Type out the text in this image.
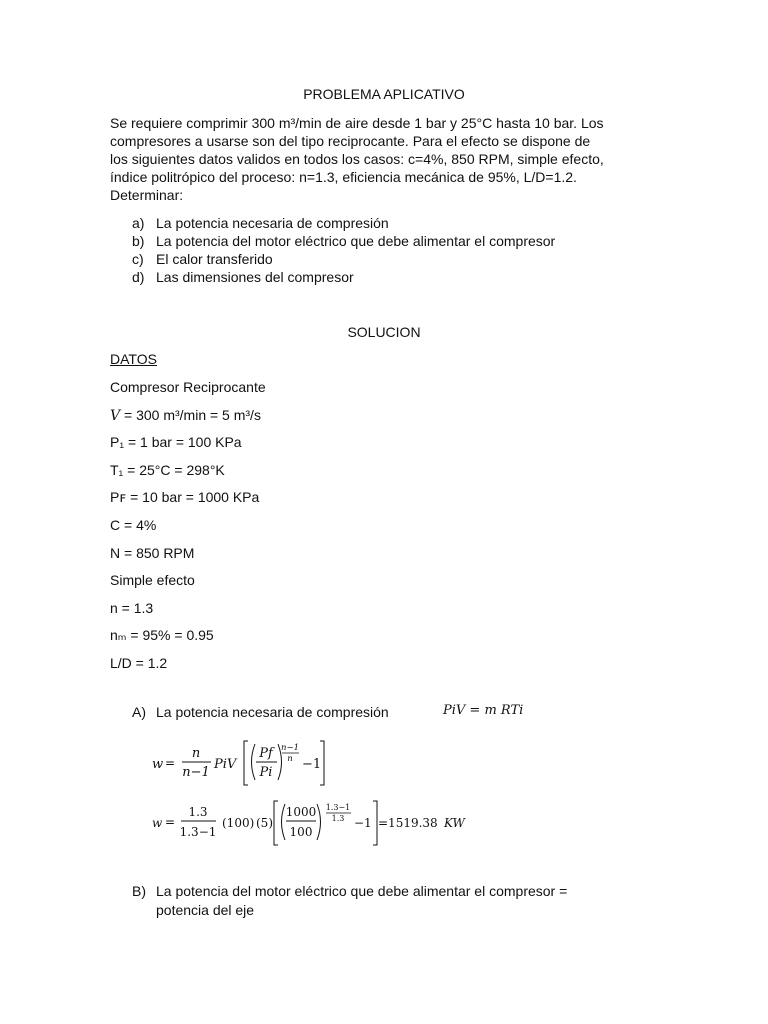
PROBLEMA APLICATIVO
Se requiere comprimir 300 m³/min de aire desde 1 bar y 25°C hasta 10 bar. Los
compresores a usarse son del tipo reciprocante. Para el efecto se dispone de
los siguientes datos validos en todos los casos: c=4%, 850 RPM, simple efecto,
índice politrópico del proceso: n=1.3, eficiencia mecánica de 95%, L/D=1.2.
Determinar:
a) La potencia necesaria de compresión
b) La potencia del motor eléctrico que debe alimentar el compresor
c) El calor transferido
d) Las dimensiones del compresor
SOLUCION
DATOS
Compresor Reciprocante
V = 300 m³/min = 5 m³/s
P₁ = 1 bar = 100 KPa
T₁ = 25°C = 298°K
Pꜰ = 10 bar = 1000 KPa
C = 4%
N = 850 RPM
Simple efecto
n = 1.3
nₘ = 95% = 0.95
L/D = 1.2
A) La potencia necesaria de compresión	PiV = m RTi
w =
n
n−1
PiV
Pf
Pi
n−1
n −1
w =
1.3
1.3−1
(100) (5)
1000
100
1.3−1
1.3 −1 =1519.38 KW
B) La potencia del motor eléctrico que debe alimentar el compresor =
potencia del eje
